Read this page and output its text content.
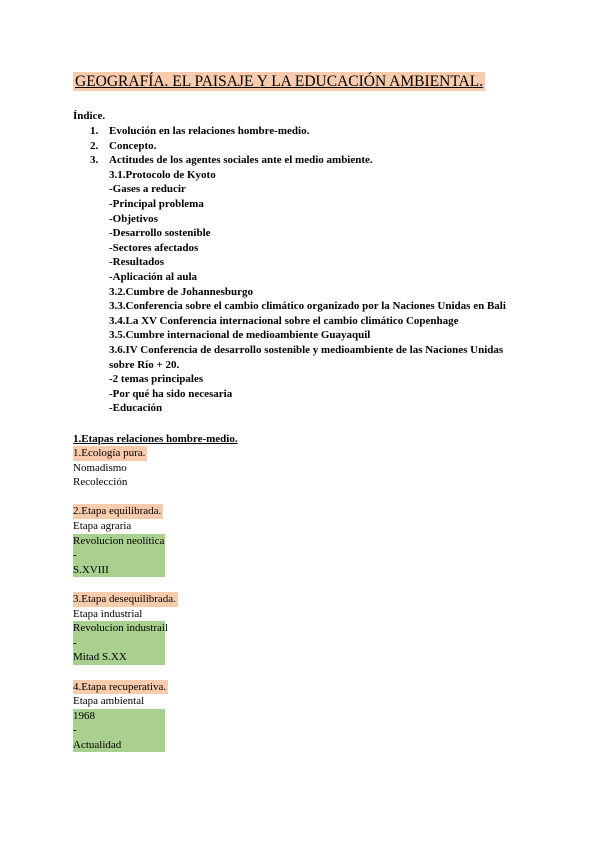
GEOGRAFÍA. EL PAISAJE Y LA EDUCACIÓN AMBIENTAL.
Índice.
1. Evolución en las relaciones hombre-medio.
2. Concepto.
3. Actitudes de los agentes sociales ante el medio ambiente.
3.1.Protocolo de Kyoto
-Gases a reducir
-Principal problema
-Objetivos
-Desarrollo sostenible
-Sectores afectados
-Resultados
-Aplicación al aula
3.2.Cumbre de Johannesburgo
3.3.Conferencia sobre el cambio climático organizado por la Naciones Unidas en Bali
3.4.La XV Conferencia internacional sobre el cambio climático Copenhage
3.5.Cumbre internacional de medioambiente Guayaquil
3.6.IV Conferencia de desarrollo sostenible y medioambiente de las Naciones Unidas sobre Río + 20.
-2 temas principales
-Por qué ha sido necesaria
-Educación
1.Etapas relaciones hombre-medio.
1.Ecología pura.
Nomadismo
Recolección
2.Etapa equilibrada.
Etapa agraria
Revolucion neolítica
-
S.XVIII
3.Etapa desequilibrada.
Etapa industrial
Revolucion industrail
-
Mitad S.XX
4.Etapa recuperativa.
Etapa ambiental
1968
-
Actualidad
